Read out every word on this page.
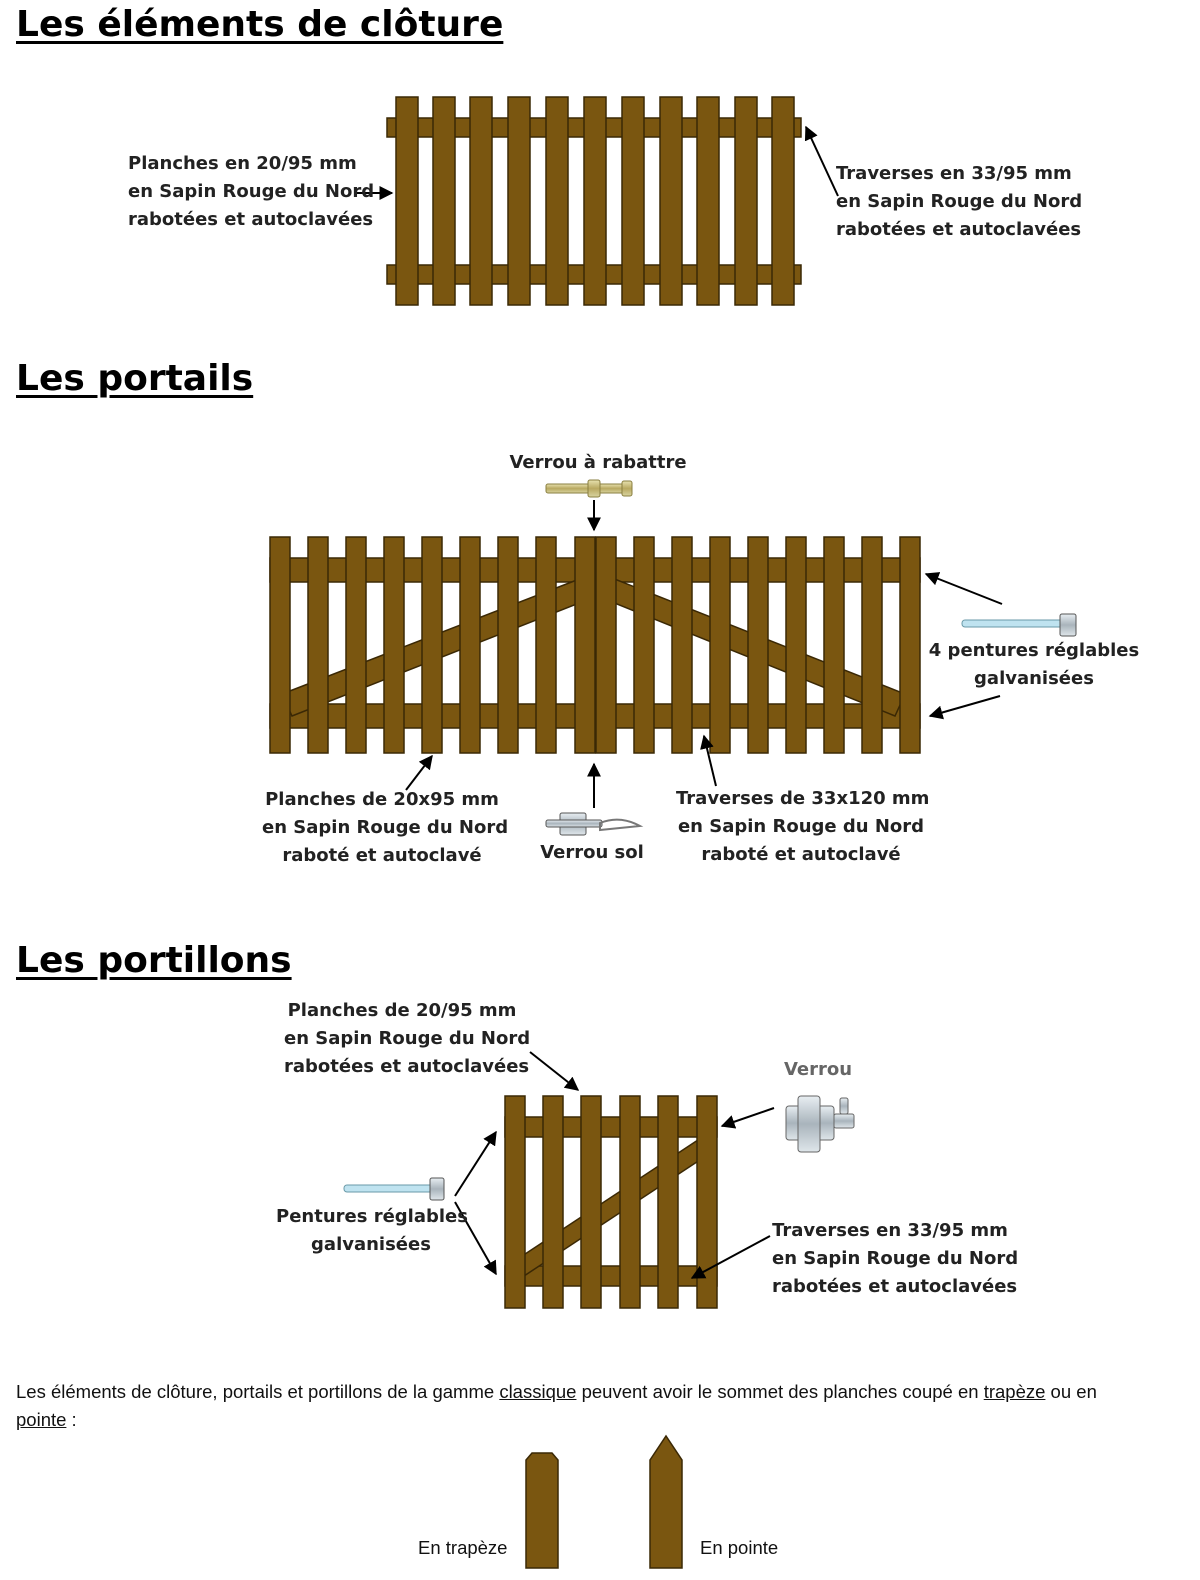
Les éléments de clôture
Les portails
Les portillons
Planches en 20/95 mm
en Sapin Rouge du Nord
rabotées et autoclavées
Traverses en 33/95 mm
en Sapin Rouge du Nord
rabotées et autoclavées
Verrou à rabattre
4 pentures réglables
galvanisées
Planches de 20x95 mm
en Sapin Rouge du Nord
raboté et autoclavé	Verrou sol
Traverses de 33x120 mm
en Sapin Rouge du Nord
raboté et autoclavé
Planches de 20/95 mm
en Sapin Rouge du Nord
rabotées et autoclavées	Verrou
Pentures réglables
galvanisées
Traverses en 33/95 mm
en Sapin Rouge du Nord
rabotées et autoclavées

Les éléments de clôture, portails et portillons de la gamme classique peuvent avoir le sommet des planches coupé en trapèze ou en
pointe :

En trapèze	En pointe
